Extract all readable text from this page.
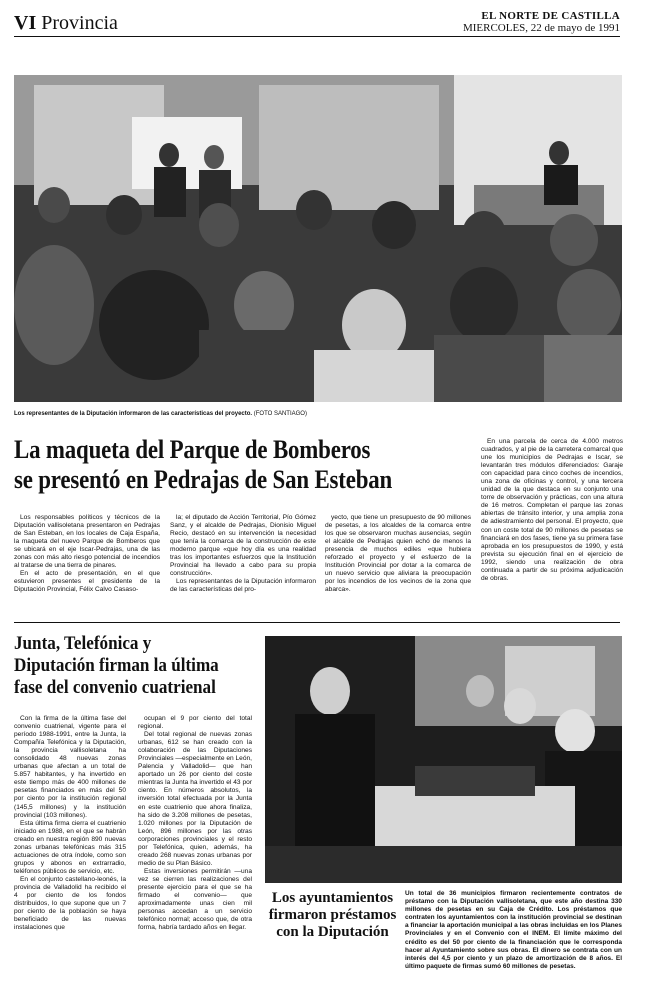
VI Provincia	EL NORTE DE CASTILLA
MIERCOLES, 22 de mayo de 1991
Los representantes de la Diputación informaron de las características del proyecto. (FOTO SANTIAGO)
La maqueta del Parque de Bomberos
se presentó en Pedrajas de San Esteban

Los responsables políticos y técnicos de la Diputación vallisoletana presentaron en Pedrajas de San Esteban, en los locales de Caja España, la maqueta del nuevo Parque de Bomberos que se ubicará en el eje Iscar-Pedrajas, una de las zonas con más alto riesgo potencial de incendios al tratarse de una tierra de pinares.

En el acto de presentación, en el que estuvieron presentes el presidente de la Diputación Provincial, Félix Calvo Casaso-

la; el diputado de Acción Territorial, Pío Gómez Sanz, y el alcalde de Pedrajas, Dionisio Miguel Recio, destacó en su intervención la necesidad que tenía la comarca de la construcción de este moderno parque «que hoy día es una realidad tras los importantes esfuerzos que la Institución Provincial ha llevado a cabo para su propia construcción».

Los representantes de la Diputación informaron de las características del pro-

yecto, que tiene un presupuesto de 90 millones de pesetas, a los alcaldes de la comarca entre los que se observaron muchas ausencias, según el alcalde de Pedrajas quien echó de menos la presencia de muchos ediles «que hubiera reforzado el proyecto y el esfuerzo de la Institución Provincial por dotar a la comarca de un nuevo servicio que aliviara la preocupación por los incendios de los vecinos de la zona que abarca».

En una parcela de cerca de 4.000 metros cuadrados, y al pie de la carretera comarcal que une los municipios de Pedrajas e Iscar, se levantarán tres módulos diferenciados: Garaje con capacidad para cinco coches de incendios, una zona de oficinas y control, y una tercera unidad de la que destaca en su conjunto una torre de observación y prácticas, con una altura de 16 metros. Completan el parque las zonas abiertas de tránsito interior, y una amplia zona de adiestramiento del personal. El proyecto, que con un coste total de 90 millones de pesetas se financiará en dos fases, tiene ya su primera fase aprobada en los presupuestos de 1990, y está prevista su ejecución final en el ejercicio de 1992, siendo una realización de obra continuada a partir de su próxima adjudicación de obras.

Junta, Telefónica y
Diputación firman la última
fase del convenio cuatrienal

Con la firma de la última fase del convenio cuatrienal, vigente para el período 1988-1991, entre la Junta, la Compañía Telefónica y la Diputación, la provincia vallisoletana ha consolidado 48 nuevas zonas urbanas que afectan a un total de 5.857 habitantes, y ha invertido en este tiempo más de 400 millones de pesetas financiados en más del 50 por ciento por la institución regional (145,5 millones) y la institución provincial (103 millones).

Esta última firma cierra el cuatrienio iniciado en 1988, en el que se habrán creado en nuestra región 890 nuevas zonas urbanas telefónicas más 315 actuaciones de otra índole, como son grupos y abonos en extrarradio, teléfonos públicos de servicio, etc.

En el conjunto castellano-leonés, la provincia de Valladolid ha recibido el 4 por ciento de los fondos distribuidos, lo que supone que un 7 por ciento de la población se haya beneficiado de las nuevas instalaciones que

ocupan el 9 por ciento del total regional.

Del total regional de nuevas zonas urbanas, 612 se han creado con la colaboración de las Diputaciones Provinciales —especialmente en León, Palencia y Valladolid— que han aportado un 26 por ciento del coste mientras la Junta ha invertido el 43 por ciento. En números absolutos, la inversión total efectuada por la Junta en este cuatrienio que ahora finaliza, ha sido de 3.208 millones de pesetas, 1.020 millones por la Diputación de León, 896 millones por las otras corporaciones provinciales y el resto por Telefónica, quien, además, ha creado 268 nuevas zonas urbanas por medio de su Plan Básico.

Estas inversiones permitirán —una vez se cierren las realizaciones del presente ejercicio para el que se ha firmado el convenio— que aproximadamente unas cien mil personas accedan a un servicio telefónico normal; acceso que, de otra forma, habría tardado años en llegar.

Los ayuntamientos
firmaron préstamos
con la Diputación
Un total de 36 municipios firmaron recientemente contratos de préstamo con la Diputación vallisoletana, que este año destina 330 millones de pesetas en su Caja de Crédito. Los préstamos que contraten los ayuntamientos con la institución provincial se destinan a financiar la aportación municipal a las obras incluidas en los Planes Provinciales y en el Convenio con el INEM. El límite máximo del crédito es del 50 por ciento de la financiación que le corresponda hacer al Ayuntamiento sobre sus obras. El dinero se contrata con un interés del 4,5 por ciento y un plazo de amortización de 8 años. El último paquete de firmas sumó 60 millones de pesetas.
